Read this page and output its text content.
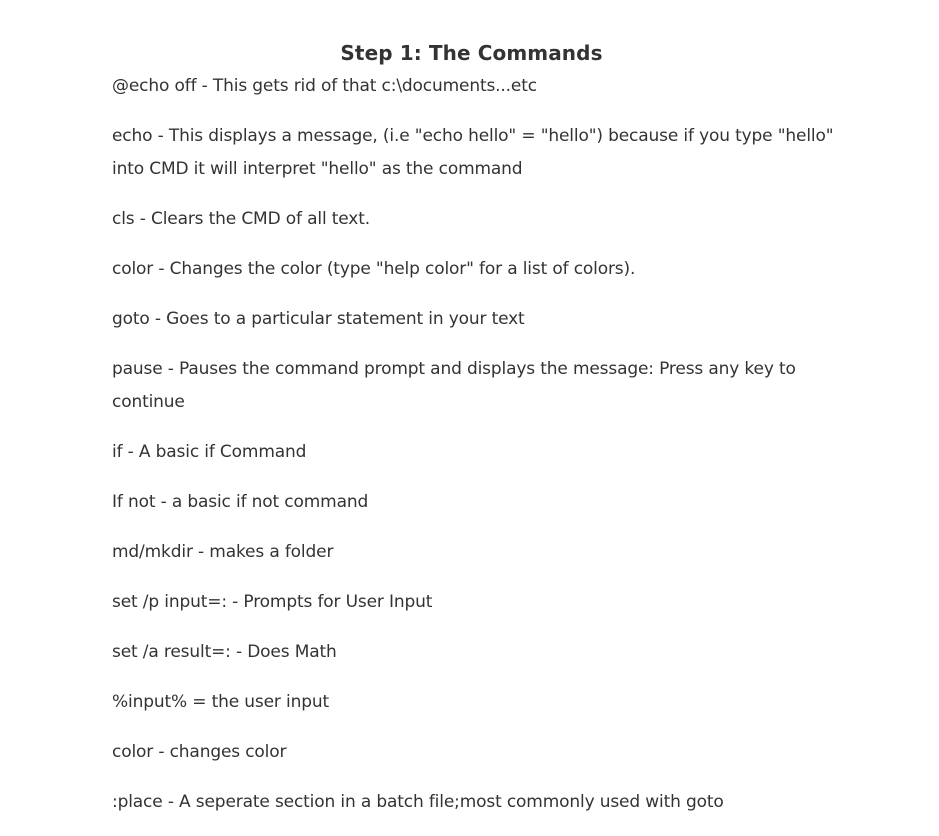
Step 1: The Commands

@echo off - This gets rid of that c:\documents...etc

echo - This displays a message, (i.e "echo hello" = "hello") because if you type "hello" into CMD it will interpret "hello" as the command

cls - Clears the CMD of all text.

color - Changes the color (type "help color" for a list of colors).

goto - Goes to a particular statement in your text

pause - Pauses the command prompt and displays the message: Press any key to continue

if - A basic if Command

If not - a basic if not command

md/mkdir - makes a folder

set /p input=: - Prompts for User Input

set /a result=: - Does Math

%input% = the user input

color - changes color

:place - A seperate section in a batch file;most commonly used with goto
